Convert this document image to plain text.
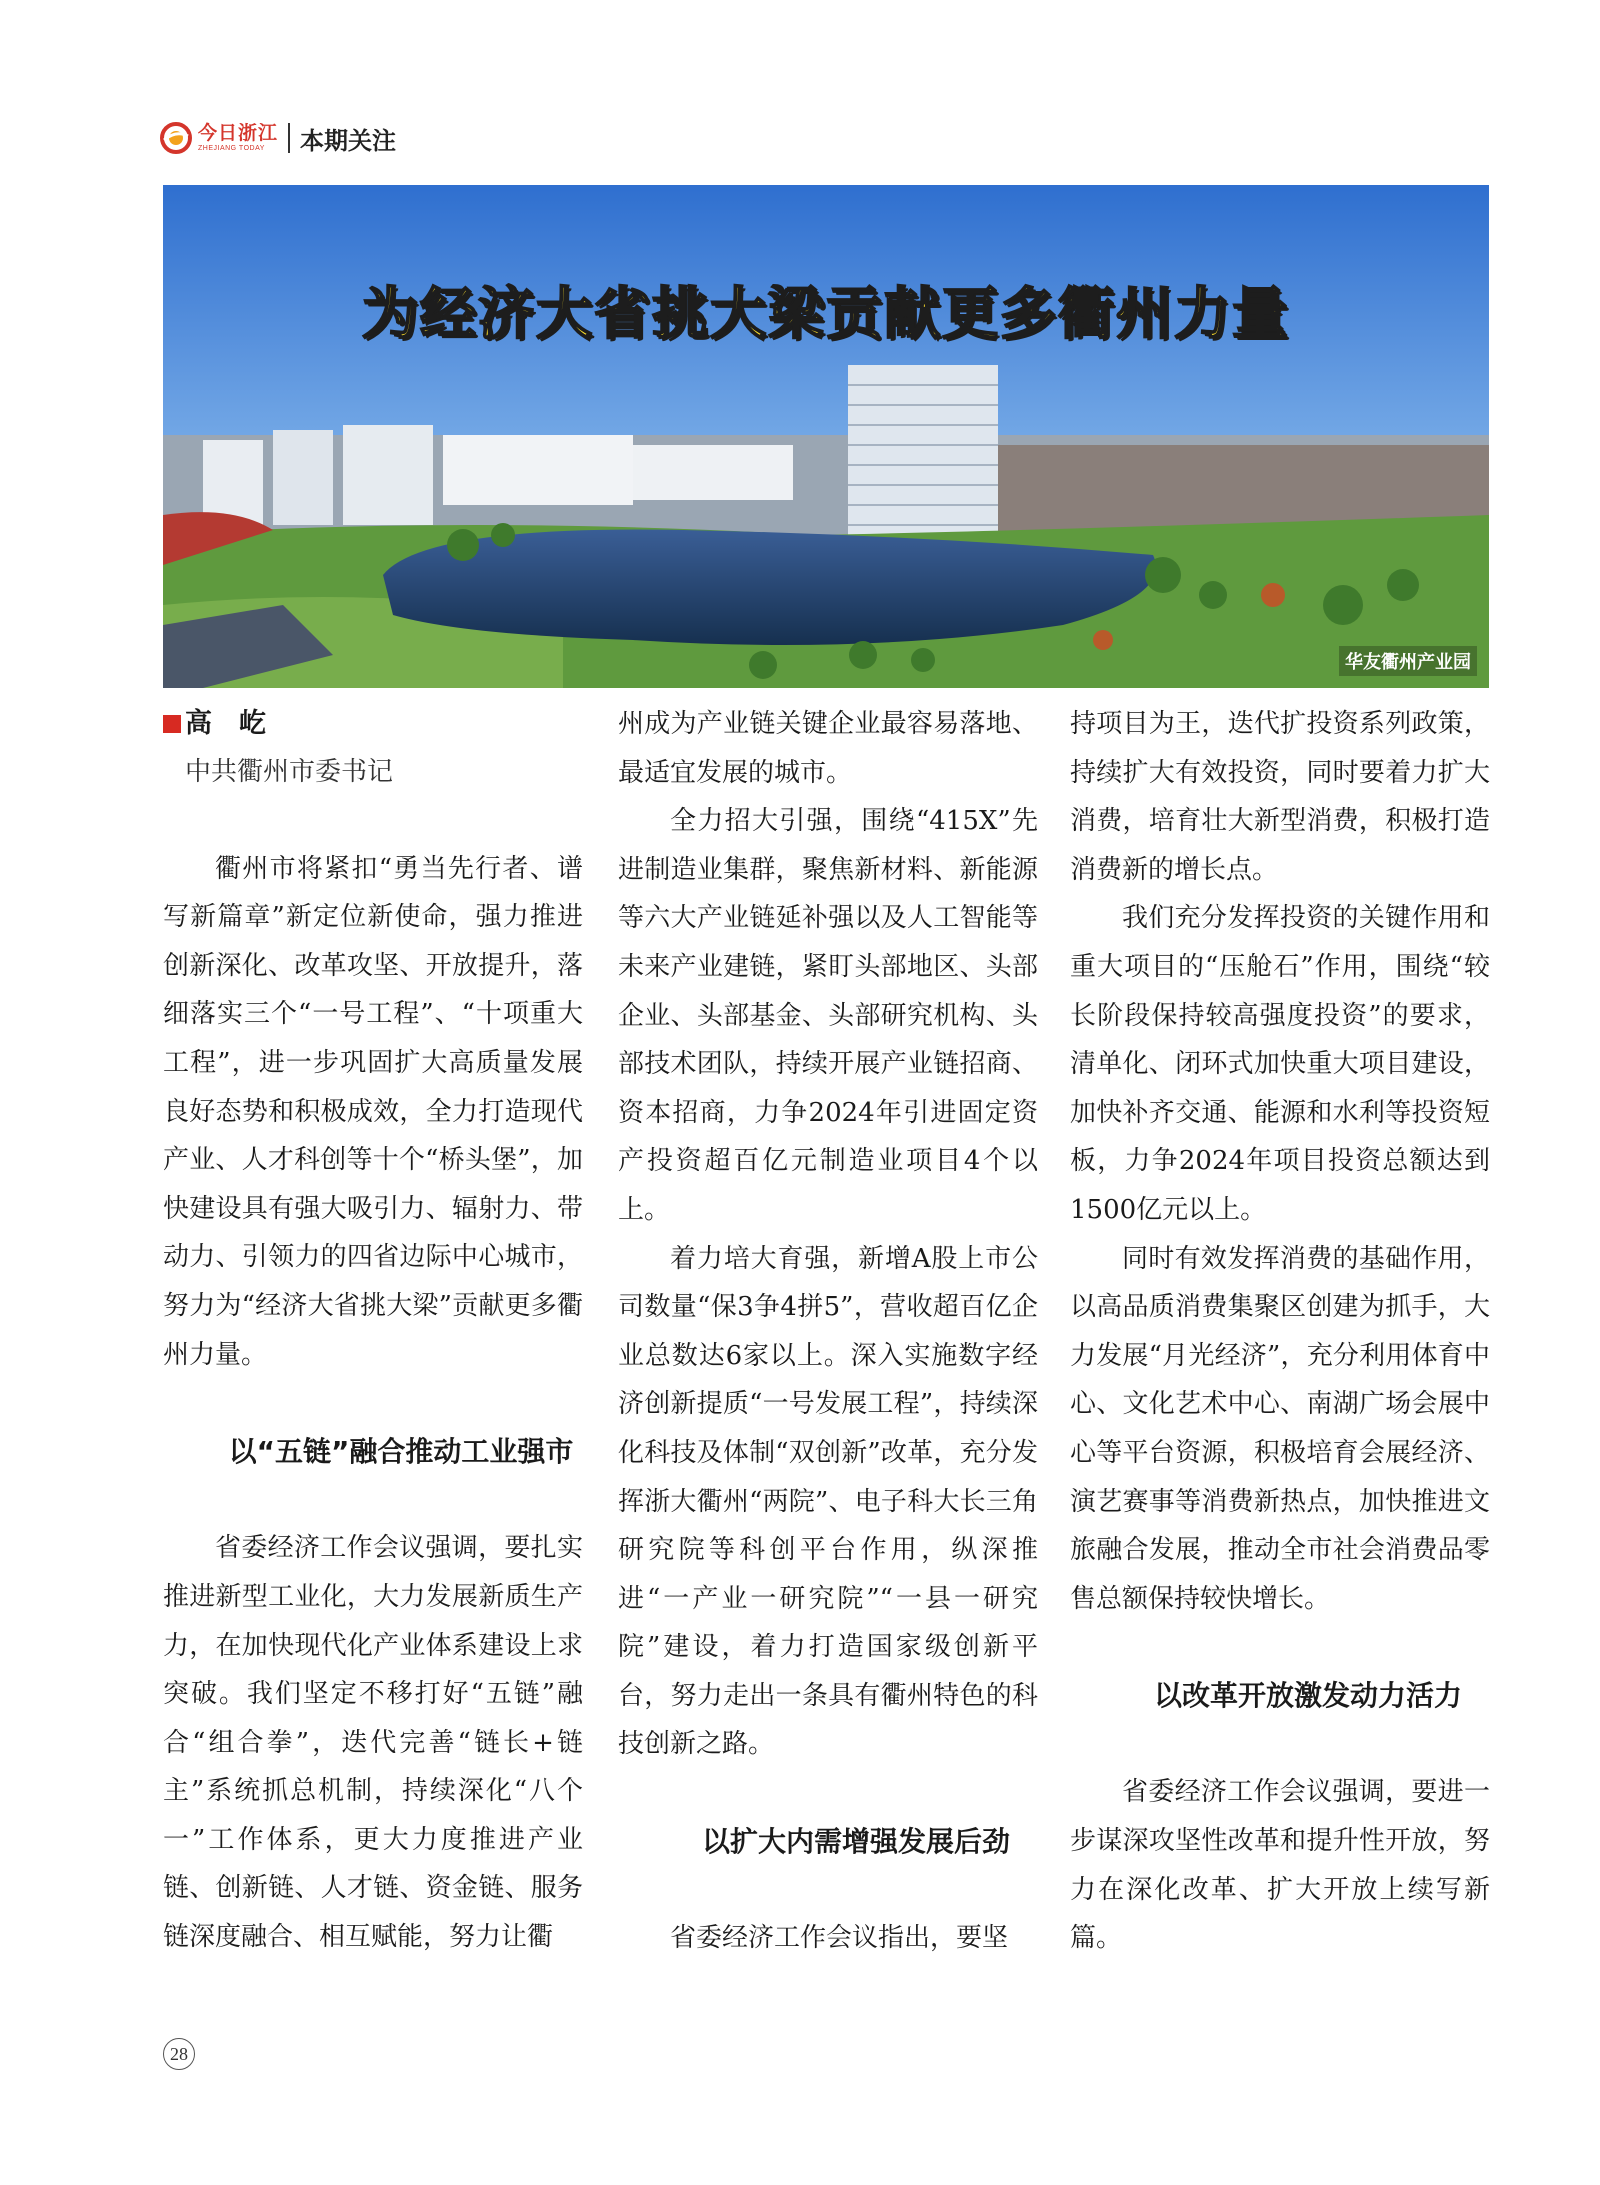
今日浙江
ZHEJIANG TODAY	本期关注
为经济大省挑大梁贡献更多衢州力量
华友衢州产业园
高　屹
中共衢州市委书记

衢州市将紧扣“勇当先行者、谱写新篇章”新定位新使命，强力推进创新深化、改革攻坚、开放提升，落细落实三个“一号工程”、“十项重大工程”，进一步巩固扩大高质量发展良好态势和积极成效，全力打造现代产业、人才科创等十个“桥头堡”，加快建设具有强大吸引力、辐射力、带动力、引领力的四省边际中心城市，努力为“经济大省挑大梁”贡献更多衢州力量。

以“五链”融合推动工业强市

省委经济工作会议强调，要扎实推进新型工业化，大力发展新质生产力，在加快现代化产业体系建设上求突破。我们坚定不移打好“五链”融合“组合拳”，迭代完善“链长+链主”系统抓总机制，持续深化“八个一”工作体系，更大力度推进产业链、创新链、人才链、资金链、服务链深度融合、相互赋能，努力让衢

州成为产业链关键企业最容易落地、最适宜发展的城市。

全力招大引强，围绕“415X”先进制造业集群，聚焦新材料、新能源等六大产业链延补强以及人工智能等未来产业建链，紧盯头部地区、头部企业、头部基金、头部研究机构、头部技术团队，持续开展产业链招商、资本招商，力争2024年引进固定资产投资超百亿元制造业项目4个以上。

着力培大育强，新增A股上市公司数量“保3争4拼5”，营收超百亿企业总数达6家以上。深入实施数字经济创新提质“一号发展工程”，持续深化科技及体制“双创新”改革，充分发挥浙大衢州“两院”、电子科大长三角研究院等科创平台作用，纵深推进“一产业一研究院”“一县一研究院”建设，着力打造国家级创新平台，努力走出一条具有衢州特色的科技创新之路。

以扩大内需增强发展后劲

省委经济工作会议指出，要坚

持项目为王，迭代扩投资系列政策，持续扩大有效投资，同时要着力扩大消费，培育壮大新型消费，积极打造消费新的增长点。

我们充分发挥投资的关键作用和重大项目的“压舱石”作用，围绕“较长阶段保持较高强度投资”的要求，清单化、闭环式加快重大项目建设，加快补齐交通、能源和水利等投资短板，力争2024年项目投资总额达到1500亿元以上。

同时有效发挥消费的基础作用，以高品质消费集聚区创建为抓手，大力发展“月光经济”，充分利用体育中心、文化艺术中心、南湖广场会展中心等平台资源，积极培育会展经济、演艺赛事等消费新热点，加快推进文旅融合发展，推动全市社会消费品零售总额保持较快增长。

以改革开放激发动力活力

省委经济工作会议强调，要进一步谋深攻坚性改革和提升性开放，努力在深化改革、扩大开放上续写新篇。

28
